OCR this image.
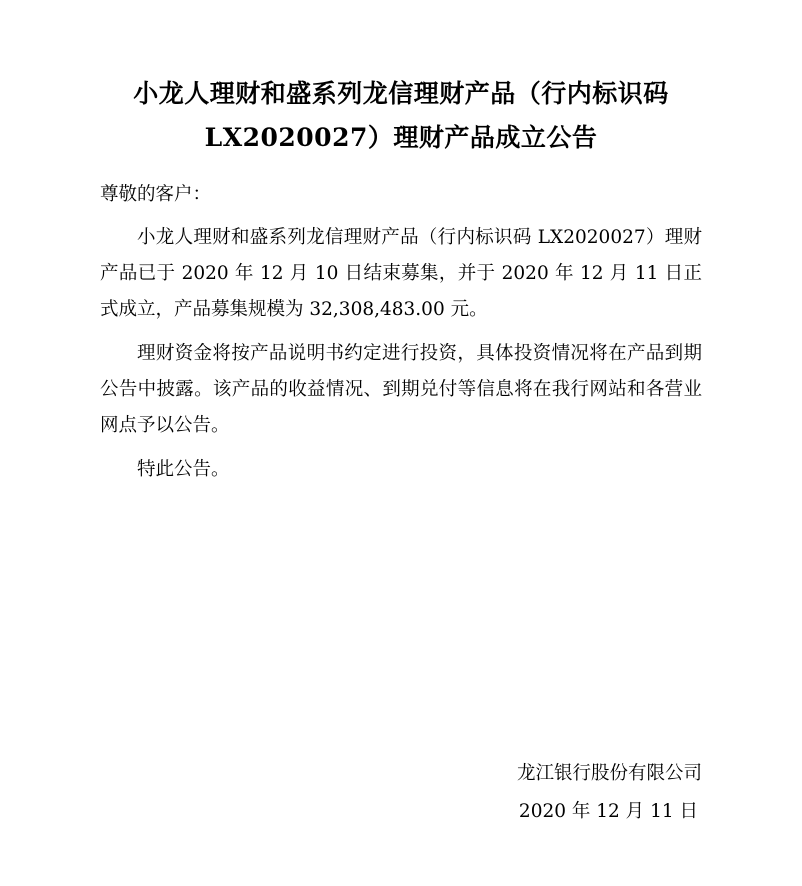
小龙人理财和盛系列龙信理财产品（行内标识码 LX2020027）理财产品成立公告

尊敬的客户：

小龙人理财和盛系列龙信理财产品（行内标识码 LX2020027）理财产品已于 2020 年 12 月 10 日结束募集，并于 2020 年 12 月 11 日正式成立，产品募集规模为 32,308,483.00 元。

理财资金将按产品说明书约定进行投资，具体投资情况将在产品到期公告中披露。该产品的收益情况、到期兑付等信息将在我行网站和各营业网点予以公告。

特此公告。

龙江银行股份有限公司
2020 年 12 月 11 日
